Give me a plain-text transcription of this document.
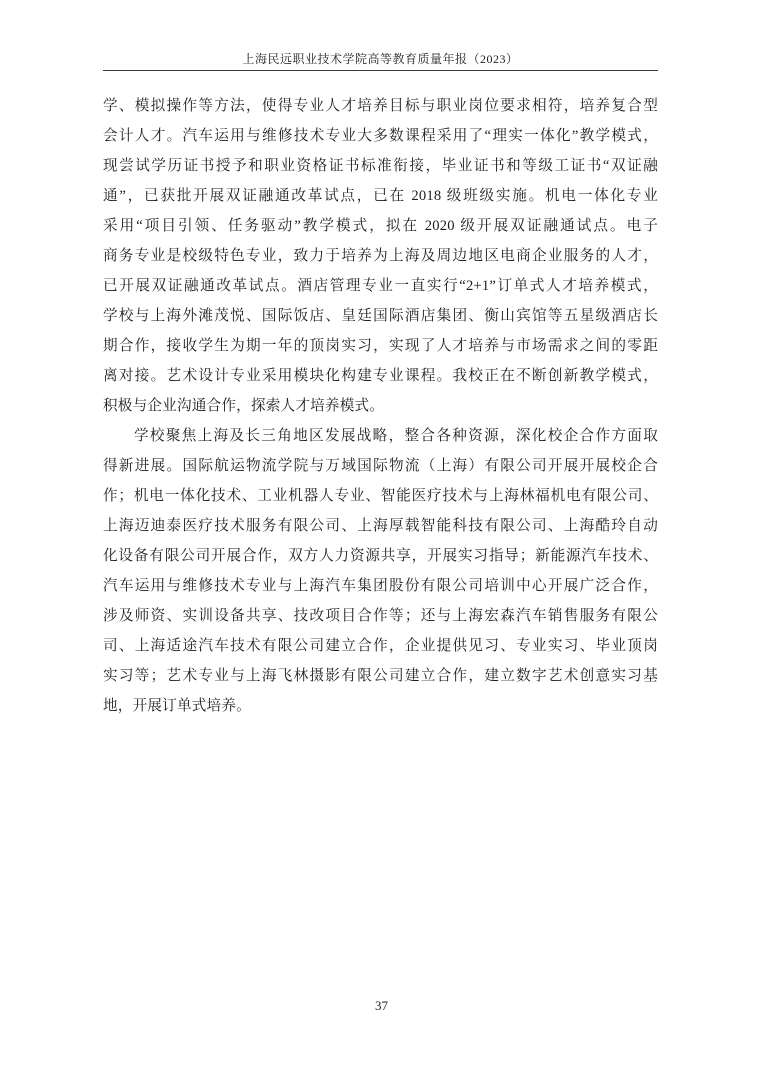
上海民远职业技术学院高等教育质量年报（2023）
学、模拟操作等方法，使得专业人才培养目标与职业岗位要求相符，培养复合型
会计人才。汽车运用与维修技术专业大多数课程采用了“理实一体化”教学模式，
现尝试学历证书授予和职业资格证书标准衔接，毕业证书和等级工证书“双证融
通”，已获批开展双证融通改革试点，已在 2018 级班级实施。机电一体化专业
采用“项目引领、任务驱动”教学模式，拟在 2020 级开展双证融通试点。电子
商务专业是校级特色专业，致力于培养为上海及周边地区电商企业服务的人才，
已开展双证融通改革试点。酒店管理专业一直实行“2+1”订单式人才培养模式，
学校与上海外滩茂悦、国际饭店、皇廷国际酒店集团、衡山宾馆等五星级酒店长
期合作，接收学生为期一年的顶岗实习，实现了人才培养与市场需求之间的零距
离对接。艺术设计专业采用模块化构建专业课程。我校正在不断创新教学模式，
积极与企业沟通合作，探索人才培养模式。
学校聚焦上海及长三角地区发展战略，整合各种资源，深化校企合作方面取
得新进展。国际航运物流学院与万域国际物流（上海）有限公司开展开展校企合
作；机电一体化技术、工业机器人专业、智能医疗技术与上海林福机电有限公司、
上海迈迪泰医疗技术服务有限公司、上海厚载智能科技有限公司、上海酷玲自动
化设备有限公司开展合作，双方人力资源共享，开展实习指导；新能源汽车技术、
汽车运用与维修技术专业与上海汽车集团股份有限公司培训中心开展广泛合作，
涉及师资、实训设备共享、技改项目合作等；还与上海宏森汽车销售服务有限公
司、上海适途汽车技术有限公司建立合作，企业提供见习、专业实习、毕业顶岗
实习等；艺术专业与上海飞林摄影有限公司建立合作，建立数字艺术创意实习基
地，开展订单式培养。
37
